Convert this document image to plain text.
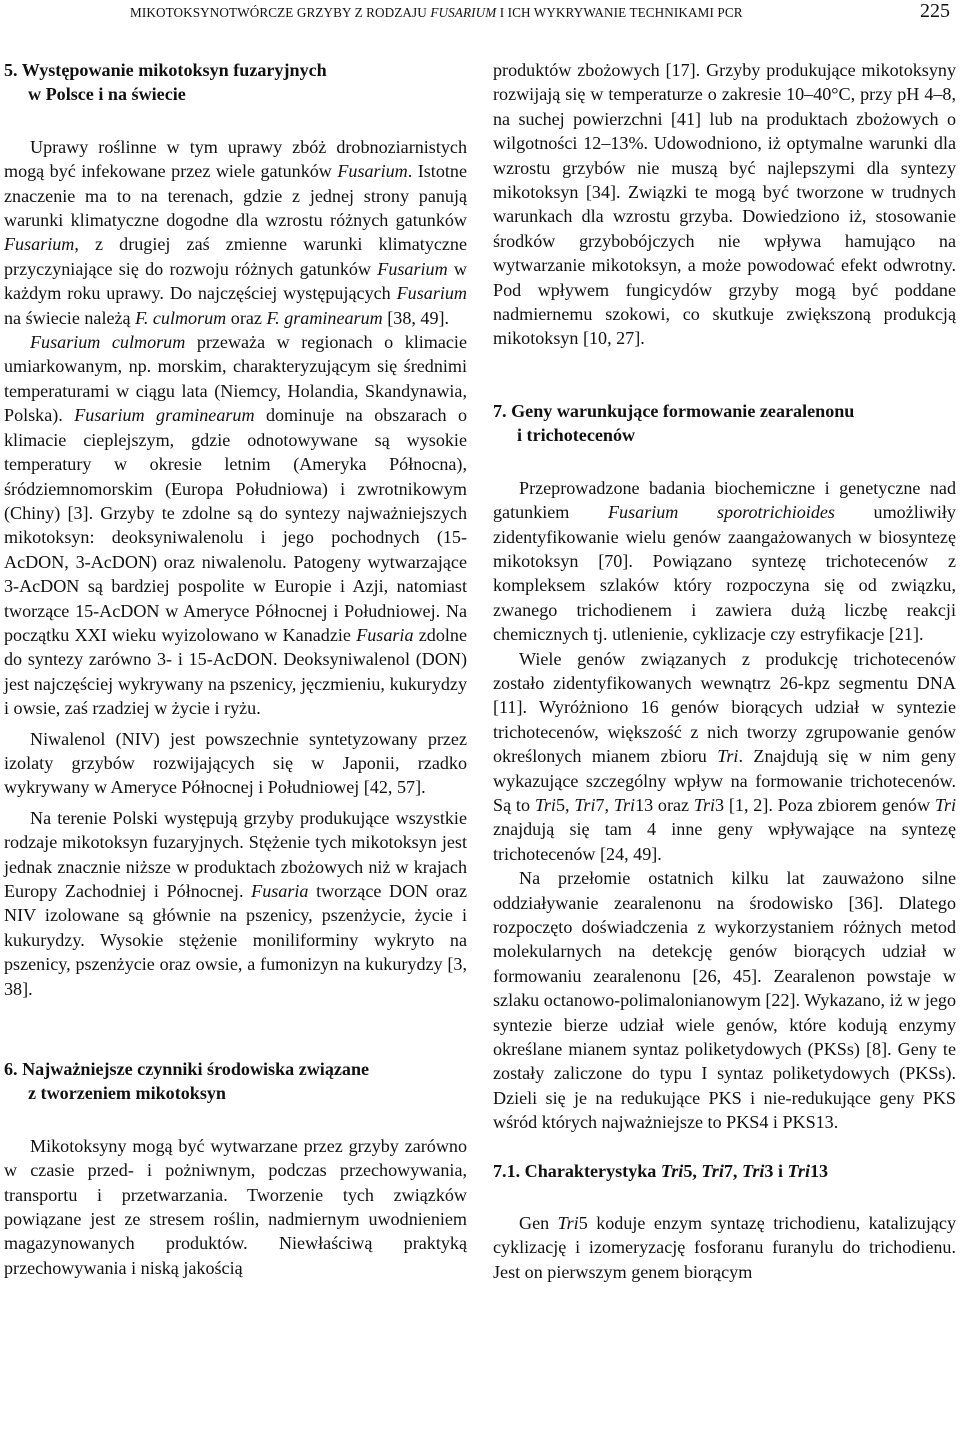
MIKOTOKSYNOTWÓRCZE GRZYBY Z RODZAJU FUSARIUM I ICH WYKRYWANIE TECHNIKAMI PCR	225
5. Występowanie mikotoksyn fuzaryjnych
w Polsce i na świecie

Uprawy roślinne w tym uprawy zbóż drobnoziarnistych mogą być infekowane przez wiele gatunków Fusarium. Istotne znaczenie ma to na terenach, gdzie z jednej strony panują warunki klimatyczne dogodne dla wzrostu różnych gatunków Fusarium, z drugiej zaś zmienne warunki klimatyczne przyczyniające się do rozwoju różnych gatunków Fusarium w każdym roku uprawy. Do najczęściej występujących Fusarium na świecie należą F. culmorum oraz F. graminearum [38, 49].

Fusarium culmorum przeważa w regionach o klimacie umiarkowanym, np. morskim, charakteryzującym się średnimi temperaturami w ciągu lata (Niemcy, Holandia, Skandynawia, Polska). Fusarium graminearum dominuje na obszarach o klimacie cieplejszym, gdzie odnotowywane są wysokie temperatury w okresie letnim (Ameryka Północna), śródziemnomorskim (Europa Południowa) i zwrotnikowym (Chiny) [3]. Grzyby te zdolne są do syntezy najważniejszych mikotoksyn: deoksyniwalenolu i jego pochodnych (15-AcDON, 3-AcDON) oraz niwalenolu. Patogeny wytwarzające 3-AcDON są bardziej pospolite w Europie i Azji, natomiast tworzące 15-AcDON w Ameryce Północnej i Południowej. Na początku XXI wieku wyizolowano w Kanadzie Fusaria zdolne do syntezy zarówno 3- i 15-AcDON. Deoksyniwalenol (DON) jest najczęściej wykrywany na pszenicy, jęczmieniu, kukurydzy i owsie, zaś rzadziej w życie i ryżu.

Niwalenol (NIV) jest powszechnie syntetyzowany przez izolaty grzybów rozwijających się w Japonii, rzadko wykrywany w Ameryce Północnej i Południowej [42, 57].

Na terenie Polski występują grzyby produkujące wszystkie rodzaje mikotoksyn fuzaryjnych. Stężenie tych mikotoksyn jest jednak znacznie niższe w produktach zbożowych niż w krajach Europy Zachodniej i Północnej. Fusaria tworzące DON oraz NIV izolowane są głównie na pszenicy, pszenżycie, życie i kukurydzy. Wysokie stężenie moniliforminy wykryto na pszenicy, pszenżycie oraz owsie, a fumonizyn na kukurydzy [3, 38].

6. Najważniejsze czynniki środowiska związane
z tworzeniem mikotoksyn

Mikotoksyny mogą być wytwarzane przez grzyby zarówno w czasie przed- i pożniwnym, podczas przechowywania, transportu i przetwarzania. Tworzenie tych związków powiązane jest ze stresem roślin, nadmiernym uwodnieniem magazynowanych produktów. Niewłaściwą praktyką przechowywania i niską jakością

produktów zbożowych [17]. Grzyby produkujące mikotoksyny rozwijają się w temperaturze o zakresie 10–40°C, przy pH 4–8, na suchej powierzchni [41] lub na produktach zbożowych o wilgotności 12–13%. Udowodniono, iż optymalne warunki dla wzrostu grzybów nie muszą być najlepszymi dla syntezy mikotoksyn [34]. Związki te mogą być tworzone w trudnych warunkach dla wzrostu grzyba. Dowiedziono iż, stosowanie środków grzybobójczych nie wpływa hamująco na wytwarzanie mikotoksyn, a może powodować efekt odwrotny. Pod wpływem fungicydów grzyby mogą być poddane nadmiernemu szokowi, co skutkuje zwiększoną produkcją mikotoksyn [10, 27].

7. Geny warunkujące formowanie zearalenonu
i trichotecenów

Przeprowadzone badania biochemiczne i genetyczne nad gatunkiem Fusarium sporotrichioides umożliwiły zidentyfikowanie wielu genów zaangażowanych w biosyntezę mikotoksyn [70]. Powiązano syntezę trichotecenów z kompleksem szlaków który rozpoczyna się od związku, zwanego trichodienem i zawiera dużą liczbę reakcji chemicznych tj. utlenienie, cyklizacje czy estryfikacje [21].

Wiele genów związanych z produkcję trichotecenów zostało zidentyfikowanych wewnątrz 26-kpz segmentu DNA [11]. Wyróżniono 16 genów biorących udział w syntezie trichotecenów, większość z nich tworzy zgrupowanie genów określonych mianem zbioru Tri. Znajdują się w nim geny wykazujące szczególny wpływ na formowanie trichotecenów. Są to Tri5, Tri7, Tri13 oraz Tri3 [1, 2]. Poza zbiorem genów Tri znajdują się tam 4 inne geny wpływające na syntezę trichotecenów [24, 49].

Na przełomie ostatnich kilku lat zauważono silne oddziaływanie zearalenonu na środowisko [36]. Dlatego rozpoczęto doświadczenia z wykorzystaniem różnych metod molekularnych na detekcję genów biorących udział w formowaniu zearalenonu [26, 45]. Zearalenon powstaje w szlaku octanowo-polimalonianowym [22]. Wykazano, iż w jego syntezie bierze udział wiele genów, które kodują enzymy określane mianem syntaz poliketydowych (PKSs) [8]. Geny te zostały zaliczone do typu I syntaz poliketydowych (PKSs). Dzieli się je na redukujące PKS i nie-redukujące geny PKS wśród których najważniejsze to PKS4 i PKS13.

7.1. Charakterystyka Tri5, Tri7, Tri3 i Tri13

Gen Tri5 koduje enzym syntazę trichodienu, katalizujący cyklizację i izomeryzację fosforanu furanylu do trichodienu. Jest on pierwszym genem biorącym
